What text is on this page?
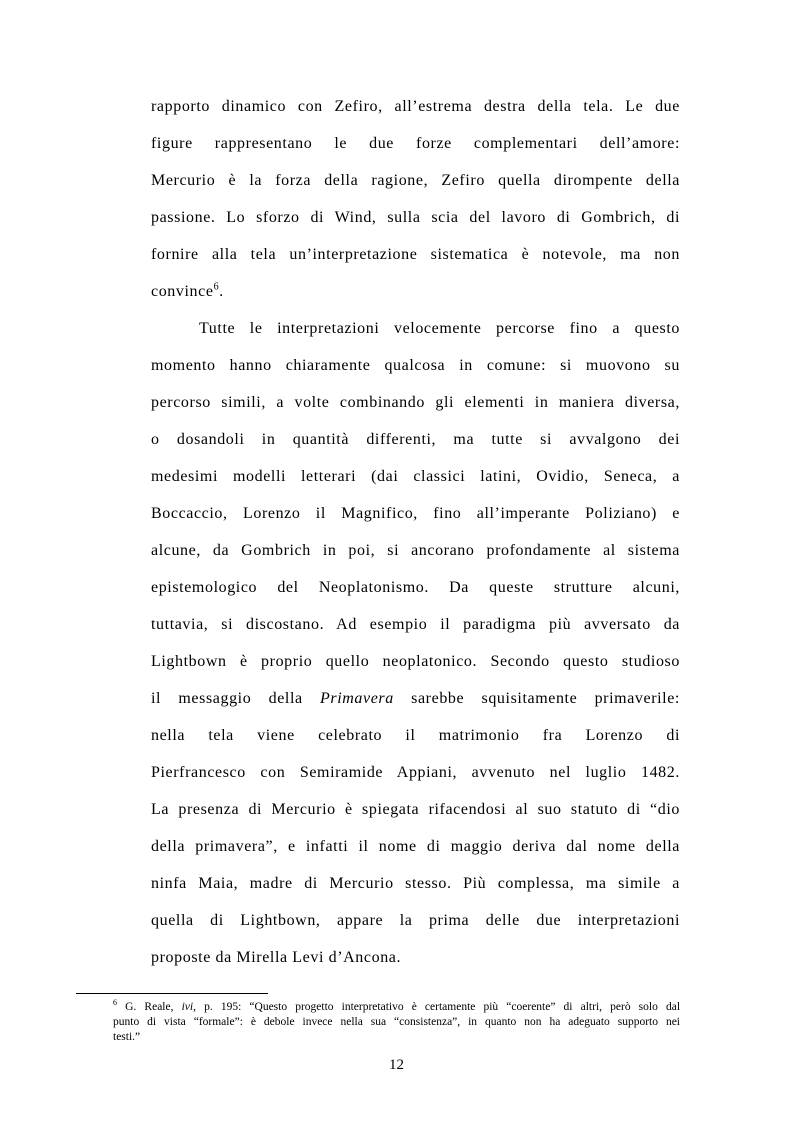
rapporto dinamico con Zefiro, all’estrema destra della tela. Le due
figure rappresentano le due forze complementari dell’amore:
Mercurio è la forza della ragione, Zefiro quella dirompente della
passione. Lo sforzo di Wind, sulla scia del lavoro di Gombrich, di
fornire alla tela un’interpretazione sistematica è notevole, ma non
convince$^6$.
Tutte le interpretazioni velocemente percorse fino a questo
momento hanno chiaramente qualcosa in comune: si muovono su
percorso simili, a volte combinando gli elementi in maniera diversa,
o dosandoli in quantità differenti, ma tutte si avvalgono dei
medesimi modelli letterari (dai classici latini, Ovidio, Seneca, a
Boccaccio, Lorenzo il Magnifico, fino all’imperante Poliziano) e
alcune, da Gombrich in poi, si ancorano profondamente al sistema
epistemologico del Neoplatonismo. Da queste strutture alcuni,
tuttavia, si discostano. Ad esempio il paradigma più avversato da
Lightbown è proprio quello neoplatonico. Secondo questo studioso
il messaggio della Primavera sarebbe squisitamente primaverile:
nella tela viene celebrato il matrimonio fra Lorenzo di
Pierfrancesco con Semiramide Appiani, avvenuto nel luglio 1482.
La presenza di Mercurio è spiegata rifacendosi al suo statuto di “dio
della primavera”, e infatti il nome di maggio deriva dal nome della
ninfa Maia, madre di Mercurio stesso. Più complessa, ma simile a
quella di Lightbown, appare la prima delle due interpretazioni
proposte da Mirella Levi d’Ancona.
$^6$ G. Reale, ivi, p. 195: “Questo progetto interpretativo è certamente più “coerente” di altri, però solo dal
punto di vista “formale”: è debole invece nella sua “consistenza”, in quanto non ha adeguato supporto nei
testi.”
12
